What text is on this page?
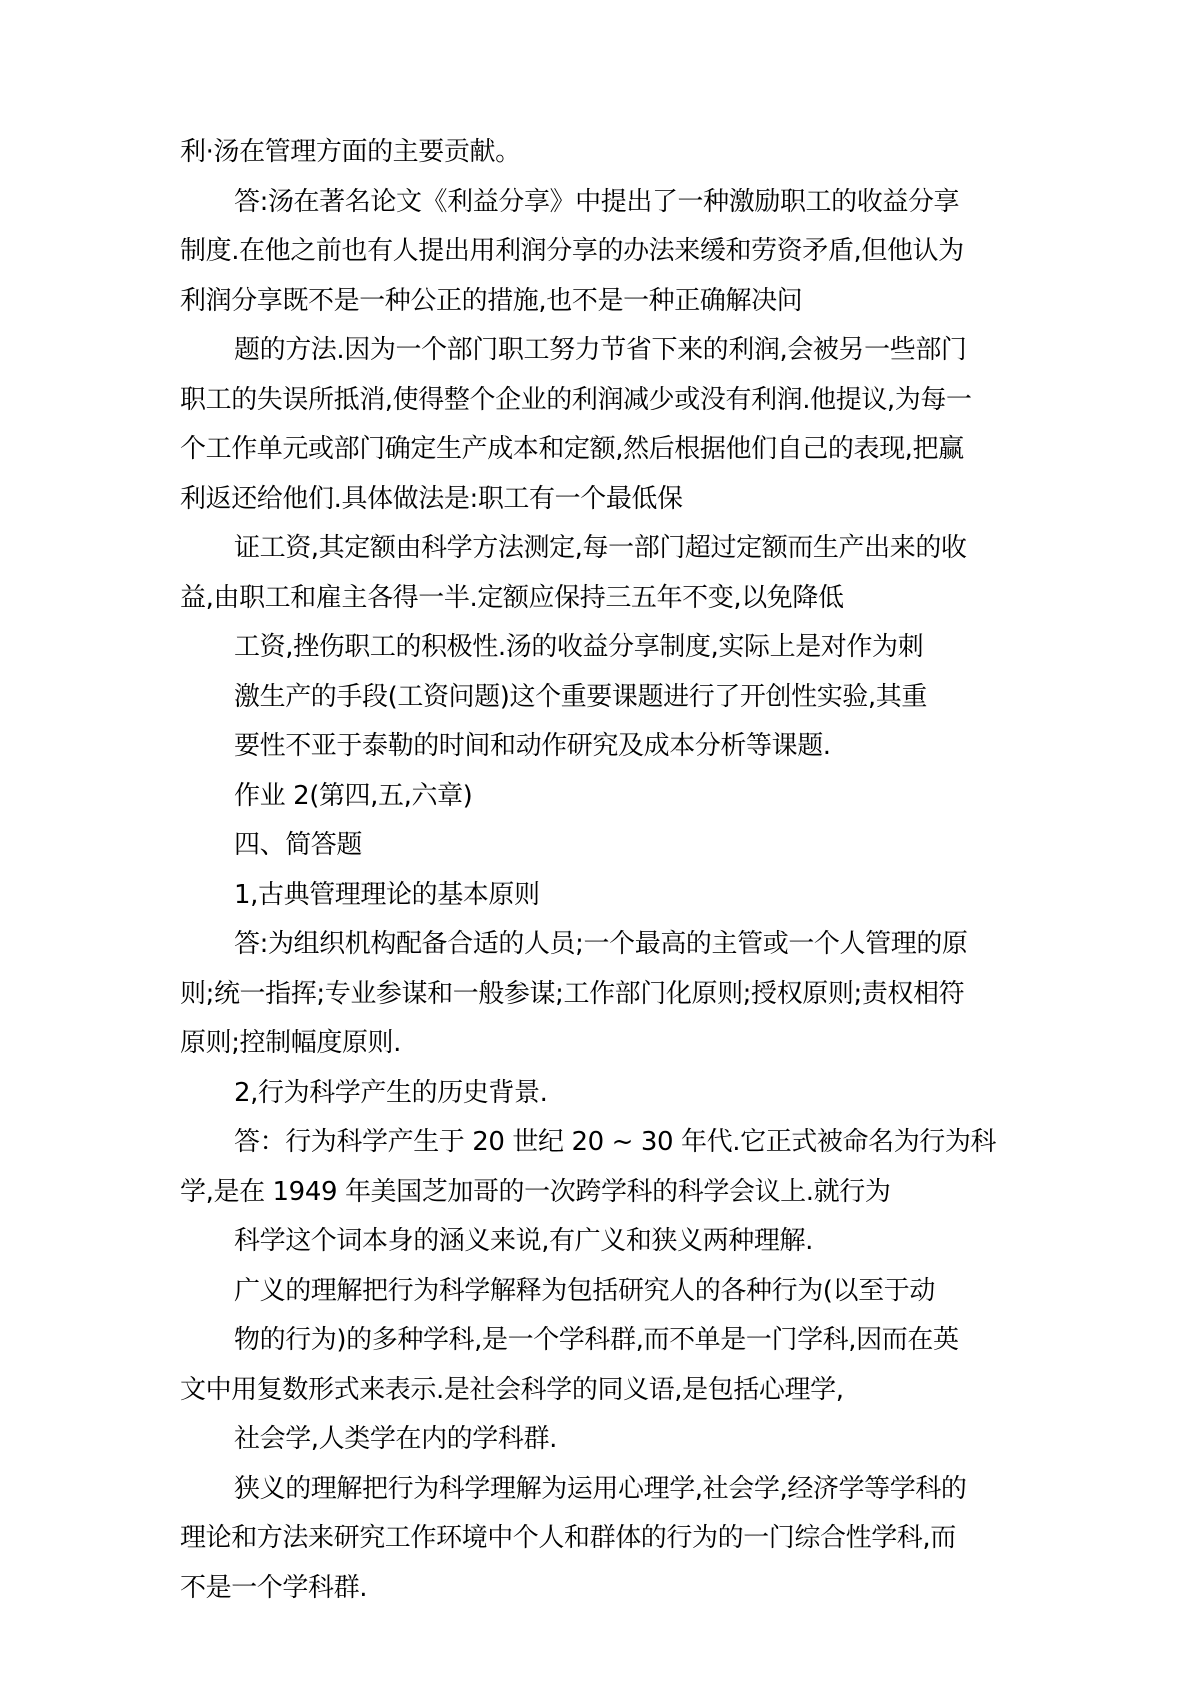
利·汤在管理方面的主要贡献。
答:汤在著名论文《利益分享》中提出了一种激励职工的收益分享
制度.在他之前也有人提出用利润分享的办法来缓和劳资矛盾,但他认为
利润分享既不是一种公正的措施,也不是一种正确解决问
题的方法.因为一个部门职工努力节省下来的利润,会被另一些部门
职工的失误所抵消,使得整个企业的利润减少或没有利润.他提议,为每一
个工作单元或部门确定生产成本和定额,然后根据他们自己的表现,把赢
利返还给他们.具体做法是:职工有一个最低保
证工资,其定额由科学方法测定,每一部门超过定额而生产出来的收
益,由职工和雇主各得一半.定额应保持三五年不变,以免降低
工资,挫伤职工的积极性.汤的收益分享制度,实际上是对作为刺
激生产的手段(工资问题)这个重要课题进行了开创性实验,其重
要性不亚于泰勒的时间和动作研究及成本分析等课题.
作业 2(第四,五,六章)
四、简答题
1,古典管理理论的基本原则
答:为组织机构配备合适的人员;一个最高的主管或一个人管理的原
则;统一指挥;专业参谋和一般参谋;工作部门化原则;授权原则;责权相符
原则;控制幅度原则.
2,行为科学产生的历史背景.
答：行为科学产生于 20 世纪 20 ~ 30 年代.它正式被命名为行为科
学,是在 1949 年美国芝加哥的一次跨学科的科学会议上.就行为
科学这个词本身的涵义来说,有广义和狭义两种理解.
广义的理解把行为科学解释为包括研究人的各种行为(以至于动
物的行为)的多种学科,是一个学科群,而不单是一门学科,因而在英
文中用复数形式来表示.是社会科学的同义语,是包括心理学,
社会学,人类学在内的学科群.
狭义的理解把行为科学理解为运用心理学,社会学,经济学等学科的
理论和方法来研究工作环境中个人和群体的行为的一门综合性学科,而
不是一个学科群.
